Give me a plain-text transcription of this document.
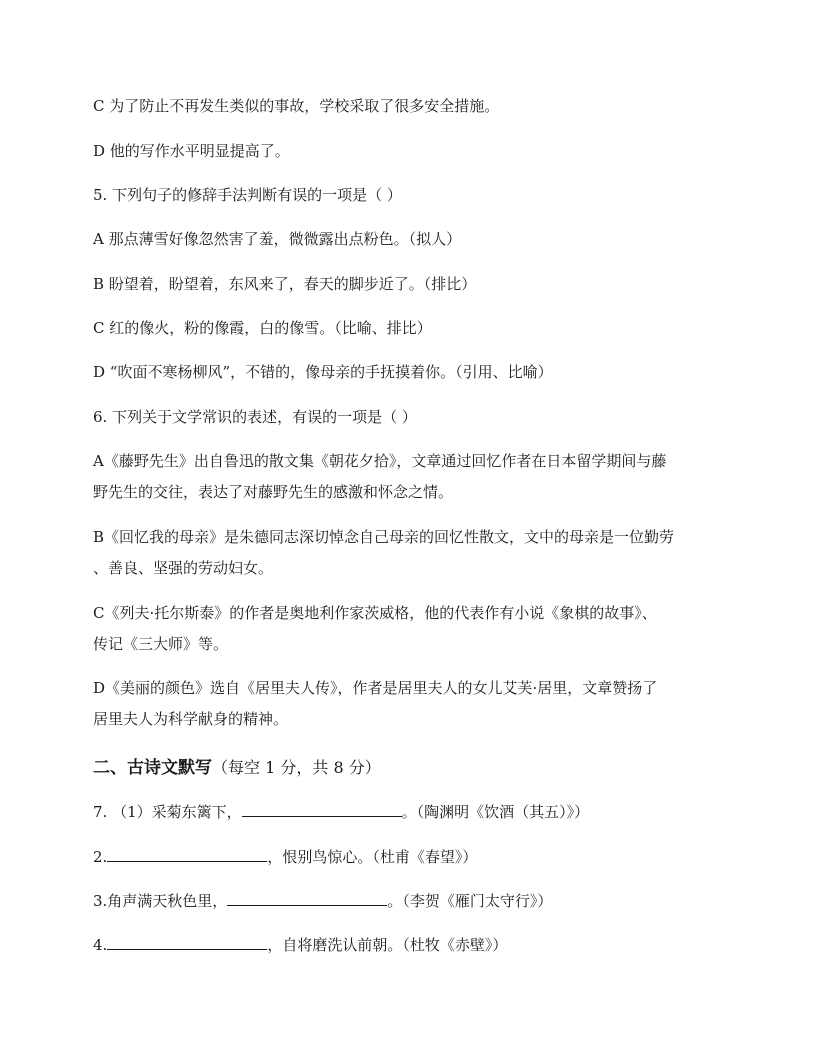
C 为了防止不再发生类似的事故，学校采取了很多安全措施。
D 他的写作水平明显提高了。
5. 下列句子的修辞手法判断有误的一项是（ ）
A 那点薄雪好像忽然害了羞，微微露出点粉色。（拟人）
B 盼望着，盼望着，东风来了，春天的脚步近了。（排比）
C 红的像火，粉的像霞，白的像雪。（比喻、排比）
D “吹面不寒杨柳风”，不错的，像母亲的手抚摸着你。（引用、比喻）
6. 下列关于文学常识的表述，有误的一项是（ ）
A《藤野先生》出自鲁迅的散文集《朝花夕拾》，文章通过回忆作者在日本留学期间与藤
野先生的交往，表达了对藤野先生的感激和怀念之情。
B《回忆我的母亲》是朱德同志深切悼念自己母亲的回忆性散文，文中的母亲是一位勤劳
、善良、坚强的劳动妇女。
C《列夫·托尔斯泰》的作者是奥地利作家茨威格，他的代表作有小说《象棋的故事》、
传记《三大师》等。
D《美丽的颜色》选自《居里夫人传》，作者是居里夫人的女儿艾芙·居里，文章赞扬了
居里夫人为科学献身的精神。
二、古诗文默写（每空 1 分，共 8 分）
7. （1）采菊东篱下，	。（陶渊明《饮酒（其五）》）
2.	，恨别鸟惊心。（杜甫《春望》）
3.角声满天秋色里，	。（李贺《雁门太守行》）
4.	，自将磨洗认前朝。（杜牧《赤壁》）
